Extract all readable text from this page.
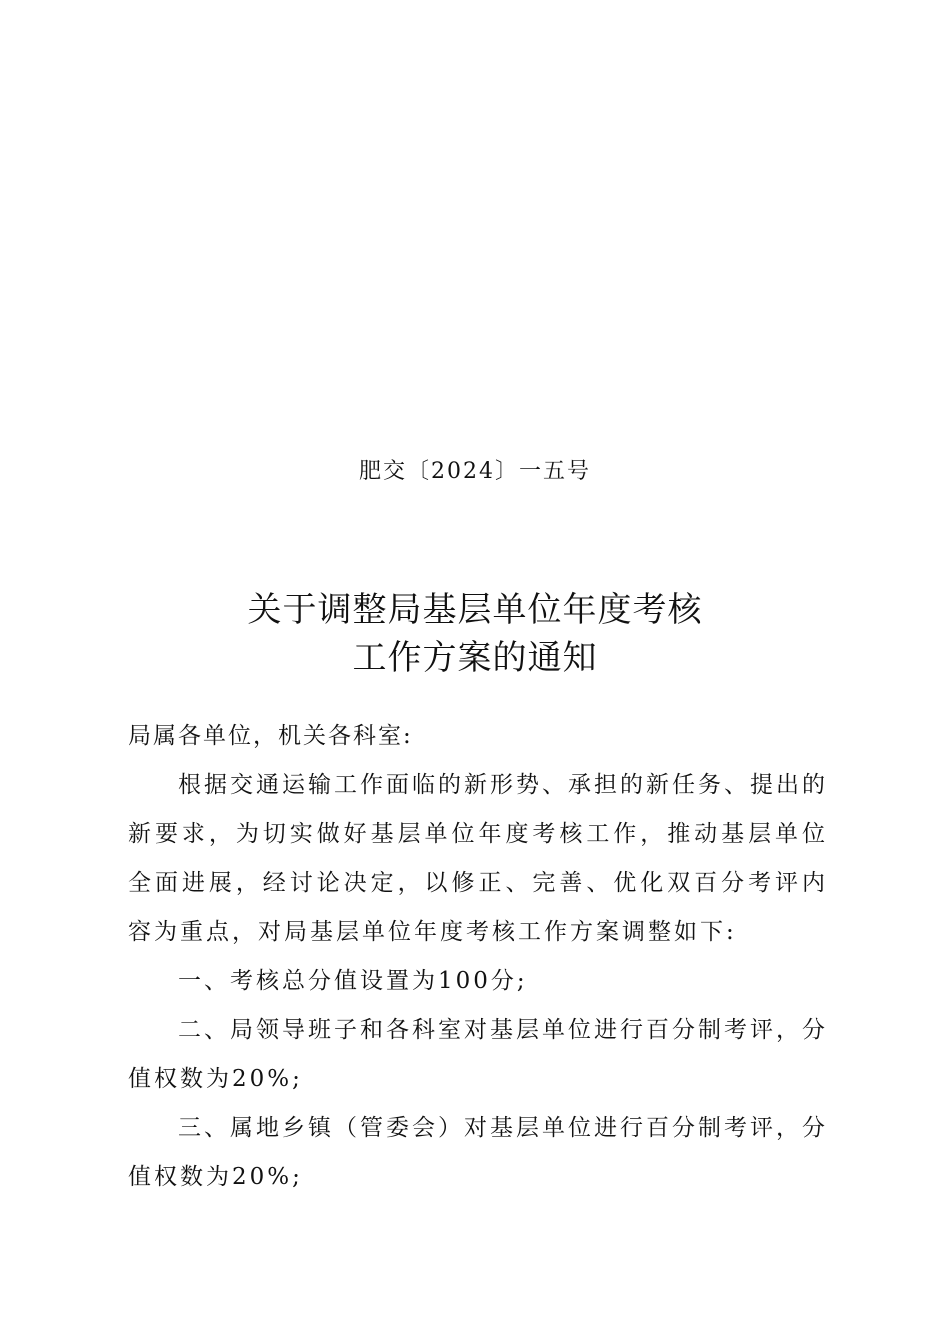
肥交〔2024〕一五号
关于调整局基层单位年度考核
工作方案的通知

局属各单位，机关各科室:

根据交通运输工作面临的新形势、承担的新任务、提出的新要求，为切实做好基层单位年度考核工作，推动基层单位全面进展，经讨论决定，以修正、完善、优化双百分考评内容为重点，对局基层单位年度考核工作方案调整如下:

一、考核总分值设置为100分;

二、局领导班子和各科室对基层单位进行百分制考评，分值权数为20%;

三、属地乡镇（管委会）对基层单位进行百分制考评，分值权数为20%;
